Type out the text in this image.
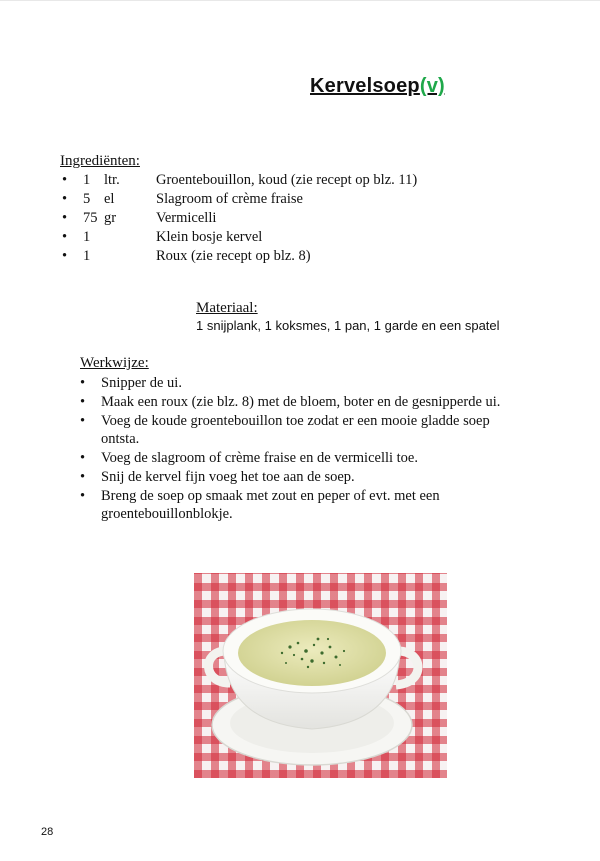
Kervelsoep(v)
Ingrediënten:
• 1 ltr.	Groentebouillon, koud (zie recept op blz. 11)
• 5 el	Slagroom of crème fraise
• 75 gr	Vermicelli
• 1	Klein bosje kervel
• 1	Roux (zie recept op blz. 8)
Materiaal:
1 snijplank, 1 koksmes, 1 pan, 1 garde en een spatel
Werkwijze:
• Snipper de ui.
• Maak een roux (zie blz. 8) met de bloem, boter en de gesnipperde ui.
• Voeg de koude groentebouillon toe zodat er een mooie gladde soep ontsta.
• Voeg de slagroom of crème fraise en de vermicelli toe.
• Snij de kervel fijn voeg het toe aan de soep.
• Breng de soep op smaak met zout en peper of evt. met een groentebouillonblokje.
28
